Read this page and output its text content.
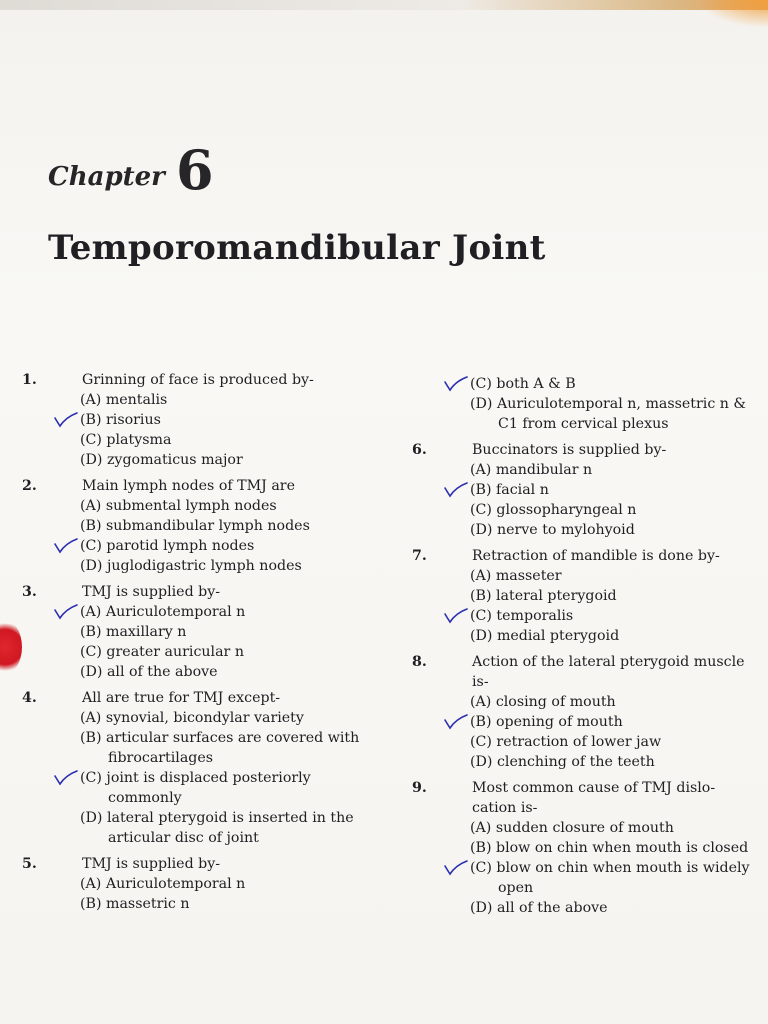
Chapter 6
Temporomandibular Joint
1.	Grinning of face is produced by-
(A) mentalis
(B) risorius
(C) platysma
(D) zygomaticus major
2.	Main lymph nodes of TMJ are
(A) submental lymph nodes
(B) submandibular lymph nodes
(C) parotid lymph nodes
(D) juglodigastric lymph nodes
3.	TMJ is supplied by-
(A) Auriculotemporal n
(B) maxillary n
(C) greater auricular n
(D) all of the above
4.	All are true for TMJ except-
(A) synovial, bicondylar variety
(B) articular surfaces are covered with
fibrocartilages
(C) joint is displaced posteriorly
commonly
(D) lateral pterygoid is inserted in the
articular disc of joint
5.	TMJ is supplied by-
(A) Auriculotemporal n
(B) massetric n
(C) both A & B
(D) Auriculotemporal n, massetric n &
C1 from cervical plexus
6.	Buccinators is supplied by-
(A) mandibular n
(B) facial n
(C) glossopharyngeal n
(D) nerve to mylohyoid
7.	Retraction of mandible is done by-
(A) masseter
(B) lateral pterygoid
(C) temporalis
(D) medial pterygoid
8.	Action of the lateral pterygoid muscle
is-
(A) closing of mouth
(B) opening of mouth
(C) retraction of lower jaw
(D) clenching of the teeth
9.	Most common cause of TMJ dislo-
cation is-
(A) sudden closure of mouth
(B) blow on chin when mouth is closed
(C) blow on chin when mouth is widely
open
(D) all of the above
